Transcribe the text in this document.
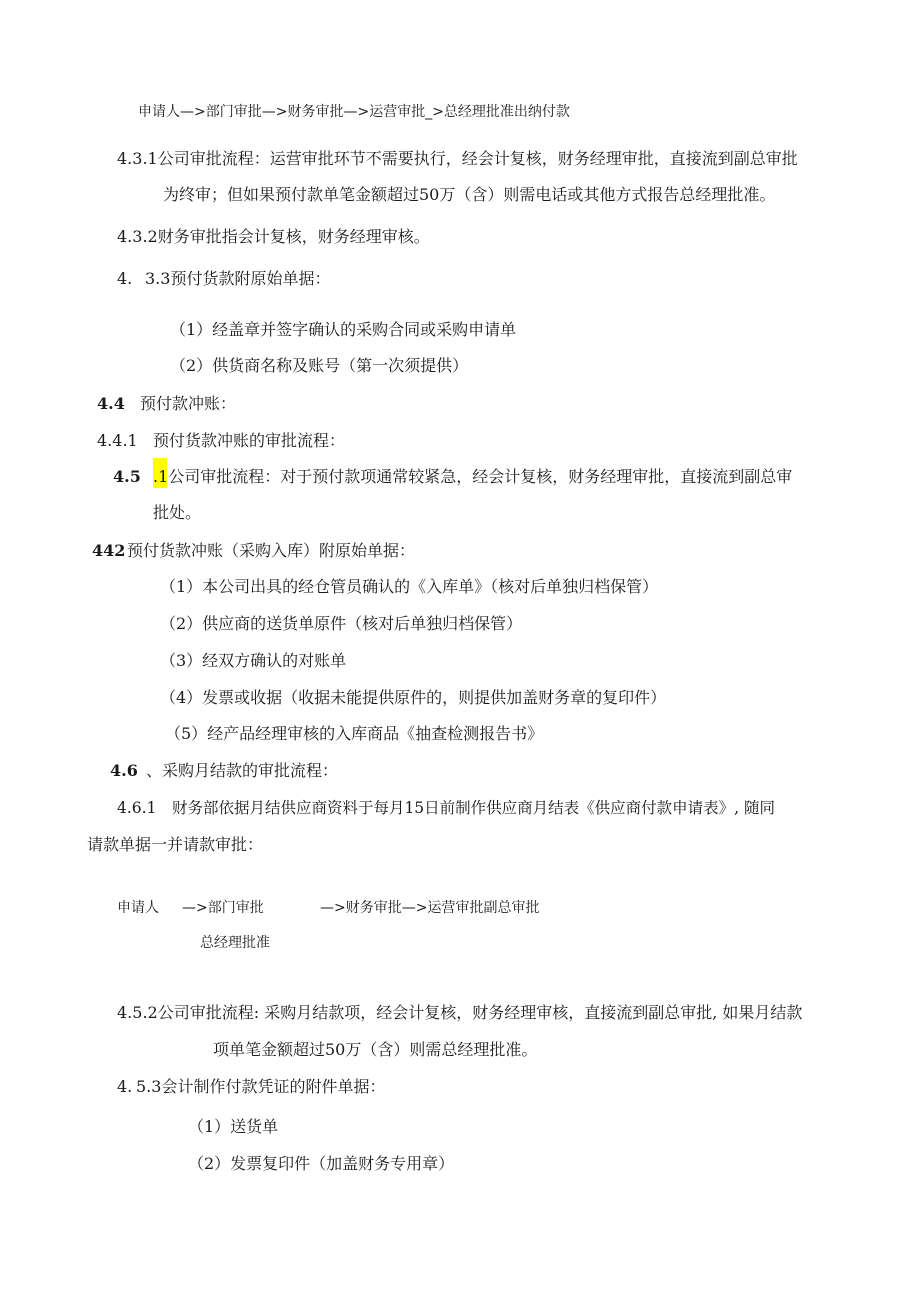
申请人—>部门审批—>财务审批—>运营审批_>总经理批准出纳付款
4.3.1公司审批流程：运营审批环节不需要执行，经会计复核，财务经理审批，直接流到副总审批
为终审；但如果预付款单笔金额超过50万（含）则需电话或其他方式报告总经理批准。
4.3.2财务审批指会计复核，财务经理审核。
4. 3.3预付货款附原始单据：
（1）经盖章并签字确认的采购合同或采购申请单
（2）供货商名称及账号（第一次须提供）
4.4 预付款冲账：
4.4.1 预付货款冲账的审批流程：
4.5 .1公司审批流程：对于预付款项通常较紧急，经会计复核，财务经理审批，直接流到副总审
批处。
442 预付货款冲账（采购入库）附原始单据：
（1）本公司出具的经仓管员确认的《入库单》（核对后单独归档保管）
（2）供应商的送货单原件（核对后单独归档保管）
（3）经双方确认的对账单
（4）发票或收据（收据未能提供原件的，则提供加盖财务章的复印件）
（5）经产品经理审核的入库商品《抽查检测报告书》
4.6 、采购月结款的审批流程：
4.6.1　财务部依据月结供应商资料于每月15日前制作供应商月结表《供应商付款申请表》, 随同
请款单据一并请款审批：
申请人 —>部门审批	—>财务审批—>运营审批副总审批
总经理批准
4.5.2公司审批流程: 采购月结款项，经会计复核，财务经理审核，直接流到副总审批, 如果月结款
项单笔金额超过50万（含）则需总经理批准。
4. 5.3会计制作付款凭证的附件单据：
（1）送货单
（2）发票复印件（加盖财务专用章）
